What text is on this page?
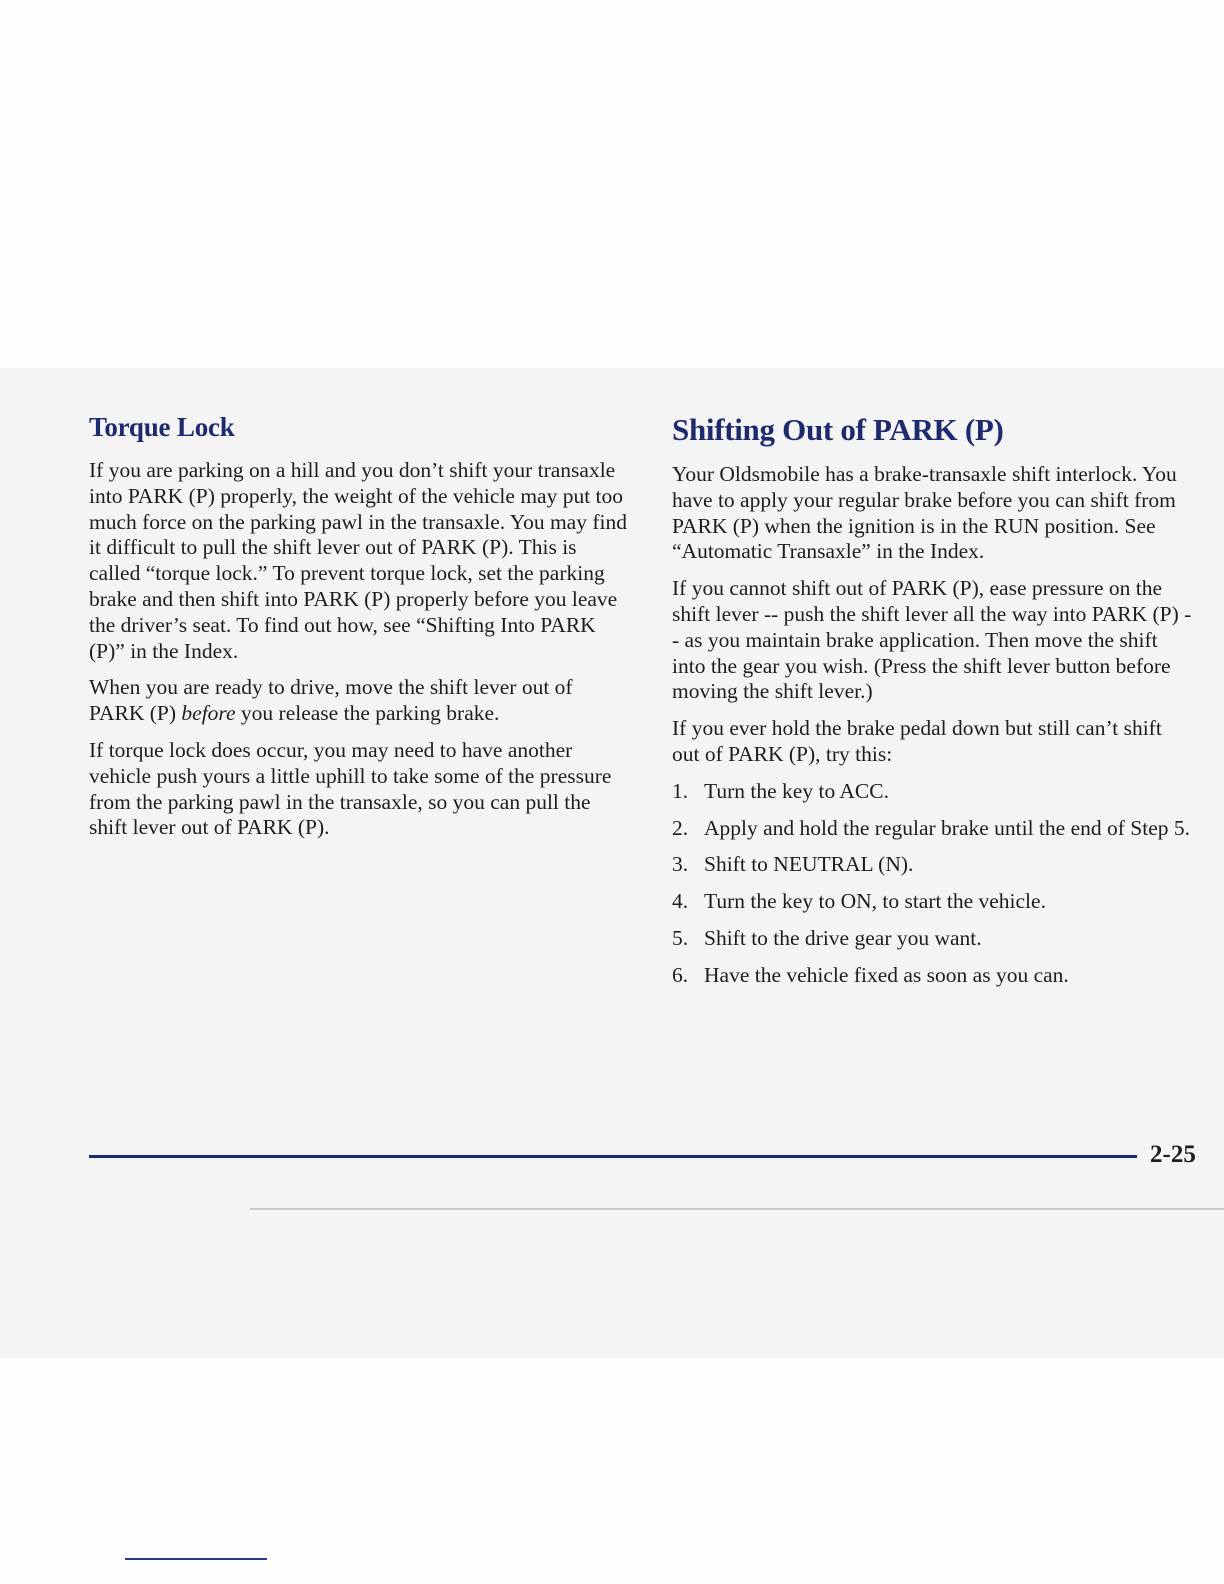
Torque Lock

If you are parking on a hill and you don’t shift your transaxle into PARK (P) properly, the weight of the vehicle may put too much force on the parking pawl in the transaxle. You may find it difficult to pull the shift lever out of PARK (P). This is called “torque lock.” To prevent torque lock, set the parking brake and then shift into PARK (P) properly before you leave the driver’s seat. To find out how, see “Shifting Into PARK (P)” in the Index.

When you are ready to drive, move the shift lever out of PARK (P) before you release the parking brake.

If torque lock does occur, you may need to have another vehicle push yours a little uphill to take some of the pressure from the parking pawl in the transaxle, so you can pull the shift lever out of PARK (P).

Shifting Out of PARK (P)

Your Oldsmobile has a brake-transaxle shift interlock. You have to apply your regular brake before you can shift from PARK (P) when the ignition is in the RUN position. See “Automatic Transaxle” in the Index.

If you cannot shift out of PARK (P), ease pressure on the shift lever -- push the shift lever all the way into PARK (P) -- as you maintain brake application. Then move the shift into the gear you wish. (Press the shift lever button before moving the shift lever.)

If you ever hold the brake pedal down but still can’t shift out of PARK (P), try this:

1. Turn the key to ACC.
2. Apply and hold the regular brake until the end of Step 5.
3. Shift to NEUTRAL (N).
4. Turn the key to ON, to start the vehicle.
5. Shift to the drive gear you want.
6. Have the vehicle fixed as soon as you can.
2-25
